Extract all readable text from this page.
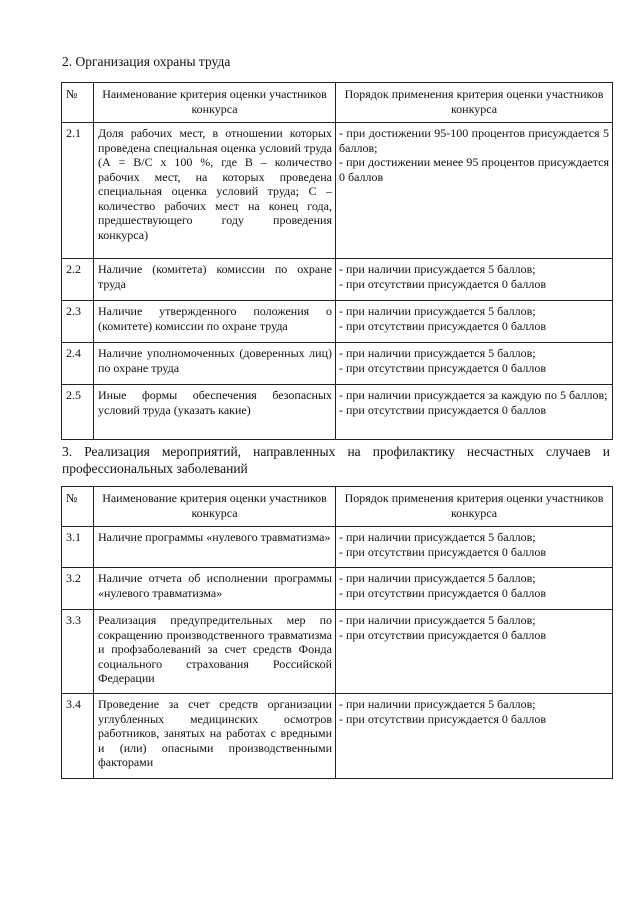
2. Организация охраны труда
№	Наименование критерия оценки участников конкурса	Порядок применения критерия оценки участников конкурса
2.1	Доля рабочих мест, в отношении которых проведена специальная оценка условий труда (А = В/С х 100 %, где В – количество рабочих мест, на которых проведена специальная оценка условий труда; С – количество рабочих мест на конец года, предшествующего году проведения конкурса)	- при достижении 95-100 процентов присуждается 5 баллов;
- при достижении менее 95 процентов присуждается 0 баллов

2.2	Наличие (комитета) комиссии по охране труда	- при наличии присуждается 5 баллов;
- при отсутствии присуждается 0 баллов

2.3	Наличие утвержденного положения о (комитете) комиссии по охране труда	- при наличии присуждается 5 баллов;
- при отсутствии присуждается 0 баллов

2.4	Наличие уполномоченных (доверенных лиц) по охране труда	- при наличии присуждается 5 баллов;
- при отсутствии присуждается 0 баллов

2.5	Иные формы обеспечения безопасных условий труда (указать какие)	- при наличии присуждается за каждую по 5 баллов;
- при отсутствии присуждается 0 баллов
3. Реализация мероприятий, направленных на профилактику несчастных случаев и профессиональных заболеваний
№	Наименование критерия оценки участников конкурса	Порядок применения критерия оценки участников конкурса
3.1	Наличие программы «нулевого травматизма»	- при наличии присуждается 5 баллов;
- при отсутствии присуждается 0 баллов

3.2	Наличие отчета об исполнении программы «нулевого травматизма»	- при наличии присуждается 5 баллов;
- при отсутствии присуждается 0 баллов

3.3	Реализация предупредительных мер по сокращению производственного травматизма и профзаболеваний за счет средств Фонда социального страхования Российской Федерации	- при наличии присуждается 5 баллов;
- при отсутствии присуждается 0 баллов

3.4	Проведение за счет средств организации углубленных медицинских осмотров работников, занятых на работах с вредными и (или) опасными производственными факторами	- при наличии присуждается 5 баллов;
- при отсутствии присуждается 0 баллов
